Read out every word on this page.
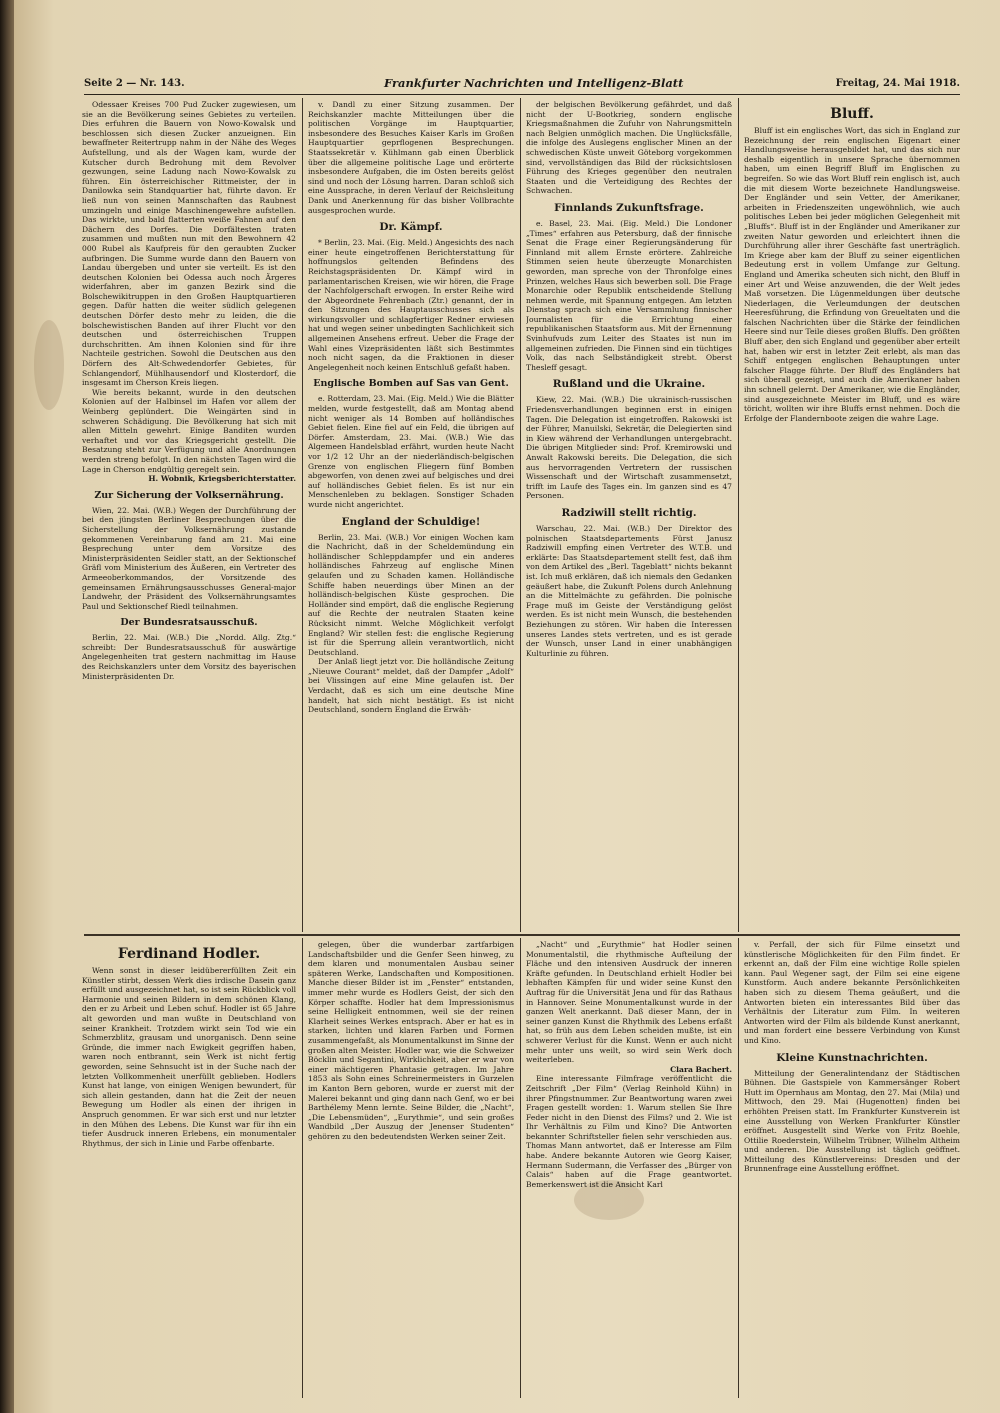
Seite 2 — Nr. 143.	Frankfurter Nachrichten und Intelligenz-Blatt	Freitag, 24. Mai 1918.

Odessaer Kreises 700 Pud Zucker zugewiesen, um sie an die Bevölkerung seines Gebietes zu verteilen. Dies erfuhren die Bauern von Nowo-Kowalsk und beschlossen sich diesen Zucker anzueignen. Ein bewaffneter Reitertrupp nahm in der Nähe des Weges Aufstellung, und als der Wagen kam, wurde der Kutscher durch Bedrohung mit dem Revolver gezwungen, seine Ladung nach Nowo-Kowalsk zu führen. Ein österreichischer Rittmeister, der in Danilowka sein Standquartier hat, führte davon. Er ließ nun von seinen Mannschaften das Raubnest umzingeln und einige Maschinengewehre aufstellen. Das wirkte, und bald flatterten weiße Fahnen auf den Dächern des Dorfes. Die Dorfältesten traten zusammen und mußten nun mit den Bewohnern 42 000 Rubel als Kaufpreis für den geraubten Zucker aufbringen. Die Summe wurde dann den Bauern von Landau übergeben und unter sie verteilt. Es ist den deutschen Kolonien bei Odessa auch noch Ärgeres widerfahren, aber im ganzen Bezirk sind die Bolschewikitruppen in den Großen Hauptquartieren gegen. Dafür hatten die weiter südlich gelegenen deutschen Dörfer desto mehr zu leiden, die die bolschewistischen Banden auf ihrer Flucht vor den deutschen und österreichischen Truppen durchschritten. Am ihnen Kolonien sind für ihre Nachteile gestrichen. Sowohl die Deutschen aus den Dörfern des Alt-Schwedendorfer Gebietes, für Schlangendorf, Mühlhausendorf und Klosterdorf, die insgesamt im Cherson Kreis liegen.

Wie bereits bekannt, wurde in den deutschen Kolonien auf der Halbinsel im Hafen vor allem der Weinberg geplündert. Die Weingärten sind in schweren Schädigung. Die Bevölkerung hat sich mit allen Mitteln gewehrt. Einige Banditen wurden verhaftet und vor das Kriegsgericht gestellt. Die Besatzung steht zur Verfügung und alle Anordnungen werden streng befolgt. In den nächsten Tagen wird die Lage in Cherson endgültig geregelt sein.

H. Wobnik, Kriegsberichterstatter.

Zur Sicherung der Volksernährung.

Wien, 22. Mai. (W.B.) Wegen der Durchführung der bei den jüngsten Berliner Besprechungen über die Sicherstellung der Volksernährung zustande gekommenen Vereinbarung fand am 21. Mai eine Besprechung unter dem Vorsitze des Ministerpräsidenten Seidler statt, an der Sektionschef Gräfl vom Ministerium des Äußeren, ein Vertreter des Armeeoberkommandos, der Vorsitzende des gemeinsamen Ernährungsausschusses General-major Landwehr, der Präsident des Volksernährungsamtes Paul und Sektionschef Riedl teilnahmen.

Der Bundesratsausschuß.

Berlin, 22. Mai. (W.B.) Die „Nordd. Allg. Ztg.“ schreibt: Der Bundesratsausschuß für auswärtige Angelegenheiten trat gestern nachmittag im Hause des Reichskanzlers unter dem Vorsitz des bayerischen Ministerpräsidenten Dr.

v. Dandl zu einer Sitzung zusammen. Der Reichskanzler machte Mitteilungen über die politischen Vorgänge im Hauptquartier, insbesondere des Besuches Kaiser Karls im Großen Hauptquartier geprflogenen Besprechungen. Staatssekretär v. Kühlmann gab einen Überblick über die allgemeine politische Lage und erörterte insbesondere Aufgaben, die im Osten bereits gelöst sind und noch der Lösung harren. Daran schloß sich eine Aussprache, in deren Verlauf der Reichsleitung Dank und Anerkennung für das bisher Vollbrachte ausgesprochen wurde.

Dr. Kämpf.

* Berlin, 23. Mai. (Eig. Meld.) Angesichts des nach einer heute eingetroffenen Berichterstattung für hoffnungslos geltenden Befindens des Reichstagspräsidenten Dr. Kämpf wird in parlamentarischen Kreisen, wie wir hören, die Frage der Nachfolgerschaft erwogen. In erster Reihe wird der Abgeordnete Fehrenbach (Ztr.) genannt, der in den Sitzungen des Hauptausschusses sich als wirkungsvoller und schlagfertiger Redner erwiesen hat und wegen seiner unbedingten Sachlichkeit sich allgemeinen Ansehens erfreut. Ueber die Frage der Wahl eines Vizepräsidenten läßt sich Bestimmtes noch nicht sagen, da die Fraktionen in dieser Angelegenheit noch keinen Entschluß gefaßt haben.

Englische Bomben auf Sas van Gent.

e. Rotterdam, 23. Mai. (Eig. Meld.) Wie die Blätter melden, wurde festgestellt, daß am Montag abend nicht weniger als 14 Bomben auf holländisches Gebiet fielen. Eine fiel auf ein Feld, die übrigen auf Dörfer. Amsterdam, 23. Mai. (W.B.) Wie das Algemeen Handelsblad erfährt, wurden heute Nacht vor 1/2 12 Uhr an der niederländisch-belgischen Grenze von englischen Fliegern fünf Bomben abgeworfen, von denen zwei auf belgisches und drei auf holländisches Gebiet fielen. Es ist nur ein Menschenleben zu beklagen. Sonstiger Schaden wurde nicht angerichtet.

England der Schuldige!

Berlin, 23. Mai. (W.B.) Vor einigen Wochen kam die Nachricht, daß in der Scheldemündung ein holländischer Schleppdampfer und ein anderes holländisches Fahrzeug auf englische Minen gelaufen und zu Schaden kamen. Holländische Schiffe haben neuerdings über Minen an der holländisch-belgischen Küste gesprochen. Die Holländer sind empört, daß die englische Regierung auf die Rechte der neutralen Staaten keine Rücksicht nimmt. Welche Möglichkeit verfolgt England? Wir stellen fest: die englische Regierung ist für die Sperrung allein verantwortlich, nicht Deutschland.

Der Anlaß liegt jetzt vor. Die holländische Zeitung „Nieuwe Courant“ meldet, daß der Dampfer „Adolf“ bei Vlissingen auf eine Mine gelaufen ist. Der Verdacht, daß es sich um eine deutsche Mine handelt, hat sich nicht bestätigt. Es ist nicht Deutschland, sondern England die Erwäh-

der belgischen Bevölkerung gefährdet, und daß nicht der U-Bootkrieg, sondern englische Kriegsmaßnahmen die Zufuhr von Nahrungsmitteln nach Belgien unmöglich machen. Die Unglücksfälle, die infolge des Auslegens englischer Minen an der schwedischen Küste unweit Göteborg vorgekommen sind, vervollständigen das Bild der rücksichtslosen Führung des Krieges gegenüber den neutralen Staaten und die Verteidigung des Rechtes der Schwachen.

Finnlands Zukunftsfrage.

e. Basel, 23. Mai. (Eig. Meld.) Die Londoner „Times“ erfahren aus Petersburg, daß der finnische Senat die Frage einer Regierungsänderung für Finnland mit allem Ernste erörtere. Zahlreiche Stimmen seien heute überzeugte Monarchisten geworden, man spreche von der Thronfolge eines Prinzen, welches Haus sich bewerben soll. Die Frage Monarchie oder Republik entscheidende Stellung nehmen werde, mit Spannung entgegen. Am letzten Dienstag sprach sich eine Versammlung finnischer Journalisten für die Errichtung einer republikanischen Staatsform aus. Mit der Ernennung Svinhufvuds zum Leiter des Staates ist nun im allgemeinen zufrieden. Die Finnen sind ein tüchtiges Volk, das nach Selbständigkeit strebt. Oberst Thesleff gesagt.

Rußland und die Ukraine.

Kiew, 22. Mai. (W.B.) Die ukrainisch-russischen Friedensverhandlungen beginnen erst in einigen Tagen. Die Delegation ist eingetroffen. Rakowski ist der Führer, Manuilski, Sekretär, die Delegierten sind in Kiew während der Verhandlungen untergebracht. Die übrigen Mitglieder sind: Prof. Kremirowski und Anwalt Rakowski bereits. Die Delegation, die sich aus hervorragenden Vertretern der russischen Wissenschaft und der Wirtschaft zusammensetzt, trifft im Laufe des Tages ein. Im ganzen sind es 47 Personen.

Radziwill stellt richtig.

Warschau, 22. Mai. (W.B.) Der Direktor des polnischen Staatsdepartements Fürst Janusz Radziwill empfing einen Vertreter des W.T.B. und erklärte: Das Staatsdepartement stellt fest, daß ihm von dem Artikel des „Berl. Tageblatt“ nichts bekannt ist. Ich muß erklären, daß ich niemals den Gedanken geäußert habe, die Zukunft Polens durch Anlehnung an die Mittelmächte zu gefährden. Die polnische Frage muß im Geiste der Verständigung gelöst werden. Es ist nicht mein Wunsch, die bestehenden Beziehungen zu stören. Wir haben die Interessen unseres Landes stets vertreten, und es ist gerade der Wunsch, unser Land in einer unabhängigen Kulturlinie zu führen.

Bluff.

Bluff ist ein englisches Wort, das sich in England zur Bezeichnung der rein englischen Eigenart einer Handlungsweise herausgebildet hat, und das sich nur deshalb eigentlich in unsere Sprache übernommen haben, um einen Begriff Bluff im Englischen zu begreifen. So wie das Wort Bluff rein englisch ist, auch die mit diesem Worte bezeichnete Handlungsweise. Der Engländer und sein Vetter, der Amerikaner, arbeiten in Friedenszeiten ungewöhnlich, wie auch politisches Leben bei jeder möglichen Gelegenheit mit „Bluffs“. Bluff ist in der Engländer und Amerikaner zur zweiten Natur geworden und erleichtert ihnen die Durchführung aller ihrer Geschäfte fast unerträglich. Im Kriege aber kam der Bluff zu seiner eigentlichen Bedeutung erst in vollem Umfange zur Geltung. England und Amerika scheuten sich nicht, den Bluff in einer Art und Weise anzuwenden, die der Welt jedes Maß vorsetzen. Die Lügenmeldungen über deutsche Niederlagen, die Verleumdungen der deutschen Heeresführung, die Erfindung von Greueltaten und die falschen Nachrichten über die Stärke der feindlichen Heere sind nur Teile dieses großen Bluffs. Den größten Bluff aber, den sich England und gegenüber aber erteilt hat, haben wir erst in letzter Zeit erlebt, als man das Schiff entgegen englischen Behauptungen unter falscher Flagge führte. Der Bluff des Engländers hat sich überall gezeigt, und auch die Amerikaner haben ihn schnell gelernt. Der Amerikaner, wie die Engländer, sind ausgezeichnete Meister im Bluff, und es wäre töricht, wollten wir ihre Bluffs ernst nehmen. Doch die Erfolge der Flandernboote zeigen die wahre Lage.

Ferdinand Hodler.

Wenn sonst in dieser leidübererfüllten Zeit ein Künstler stirbt, dessen Werk dies irdische Dasein ganz erfüllt und ausgezeichnet hat, so ist sein Rückblick voll Harmonie und seinen Bildern in dem schönen Klang, den er zu Arbeit und Leben schuf. Hodler ist 65 Jahre alt geworden und man wußte in Deutschland von seiner Krankheit. Trotzdem wirkt sein Tod wie ein Schmerzblitz, grausam und unorganisch. Denn seine Gründe, die immer nach Ewigkeit gegriffen haben, waren noch entbrannt, sein Werk ist nicht fertig geworden, seine Sehnsucht ist in der Suche nach der letzten Vollkommenheit unerfüllt geblieben. Hodlers Kunst hat lange, von einigen Wenigen bewundert, für sich allein gestanden, dann hat die Zeit der neuen Bewegung um Hodler als einen der ihrigen in Anspruch genommen. Er war sich erst und nur letzter in den Mühen des Lebens. Die Kunst war für ihn ein tiefer Ausdruck inneren Erlebens, ein monumentaler Rhythmus, der sich in Linie und Farbe offenbarte.

gelegen, über die wunderbar zartfarbigen Landschaftsbilder und die Genfer Seen hinweg, zu dem klaren und monumentalen Ausbau seiner späteren Werke, Landschaften und Kompositionen. Manche dieser Bilder ist im „Fenster“ entstanden, immer mehr wurde es Hodlers Geist, der sich den Körper schaffte. Hodler hat dem Impressionismus seine Helligkeit entnommen, weil sie der reinen Klarheit seines Werkes entsprach. Aber er hat es in starken, lichten und klaren Farben und Formen zusammengefaßt, als Monumentalkunst im Sinne der großen alten Meister. Hodler war, wie die Schweizer Böcklin und Segantini, Wirklichkeit, aber er war von einer mächtigeren Phantasie getragen. Im Jahre 1853 als Sohn eines Schreinermeisters in Gurzelen im Kanton Bern geboren, wurde er zuerst mit der Malerei bekannt und ging dann nach Genf, wo er bei Barthélemy Menn lernte. Seine Bilder, die „Nacht“, „Die Lebensmüden“, „Eurythmie“, und sein großes Wandbild „Der Auszug der Jenenser Studenten“ gehören zu den bedeutendsten Werken seiner Zeit.

„Nacht“ und „Eurythmie“ hat Hodler seinen Monumentalstil, die rhythmische Aufteilung der Fläche und den intensiven Ausdruck der inneren Kräfte gefunden. In Deutschland erhielt Hodler bei lebhaften Kämpfen für und wider seine Kunst den Auftrag für die Universität Jena und für das Rathaus in Hannover. Seine Monumentalkunst wurde in der ganzen Welt anerkannt. Daß dieser Mann, der in seiner ganzen Kunst die Rhythmik des Lebens erfaßt hat, so früh aus dem Leben scheiden mußte, ist ein schwerer Verlust für die Kunst. Wenn er auch nicht mehr unter uns weilt, so wird sein Werk doch weiterleben.

Clara Bachert.

Eine interessante Filmfrage veröffentlicht die Zeitschrift „Der Film“ (Verlag Reinhold Kühn) in ihrer Pfingstnummer. Zur Beantwortung waren zwei Fragen gestellt worden: 1. Warum stellen Sie Ihre Feder nicht in den Dienst des Films? und 2. Wie ist Ihr Verhältnis zu Film und Kino? Die Antworten bekannter Schriftsteller fielen sehr verschieden aus. Thomas Mann antwortet, daß er Interesse am Film habe. Andere bekannte Autoren wie Georg Kaiser, Hermann Sudermann, die Verfasser des „Bürger von Calais“ haben auf die Frage geantwortet. Bemerkenswert ist die Ansicht Karl

v. Perfall, der sich für Filme einsetzt und künstlerische Möglichkeiten für den Film findet. Er erkennt an, daß der Film eine wichtige Rolle spielen kann. Paul Wegener sagt, der Film sei eine eigene Kunstform. Auch andere bekannte Persönlichkeiten haben sich zu diesem Thema geäußert, und die Antworten bieten ein interessantes Bild über das Verhältnis der Literatur zum Film. In weiteren Antworten wird der Film als bildende Kunst anerkannt, und man fordert eine bessere Verbindung von Kunst und Kino.

Kleine Kunstnachrichten.

Mitteilung der Generalintendanz der Städtischen Bühnen. Die Gastspiele von Kammersänger Robert Hutt im Opernhaus am Montag, den 27. Mai (Mila) und Mittwoch, den 29. Mai (Hugenotten) finden bei erhöhten Preisen statt. Im Frankfurter Kunstverein ist eine Ausstellung von Werken Frankfurter Künstler eröffnet. Ausgestellt sind Werke von Fritz Boehle, Ottilie Roederstein, Wilhelm Trübner, Wilhelm Altheim und anderen. Die Ausstellung ist täglich geöffnet. Mitteilung des Künstlervereins: Dresden und der Brunnenfrage eine Ausstellung eröffnet.
